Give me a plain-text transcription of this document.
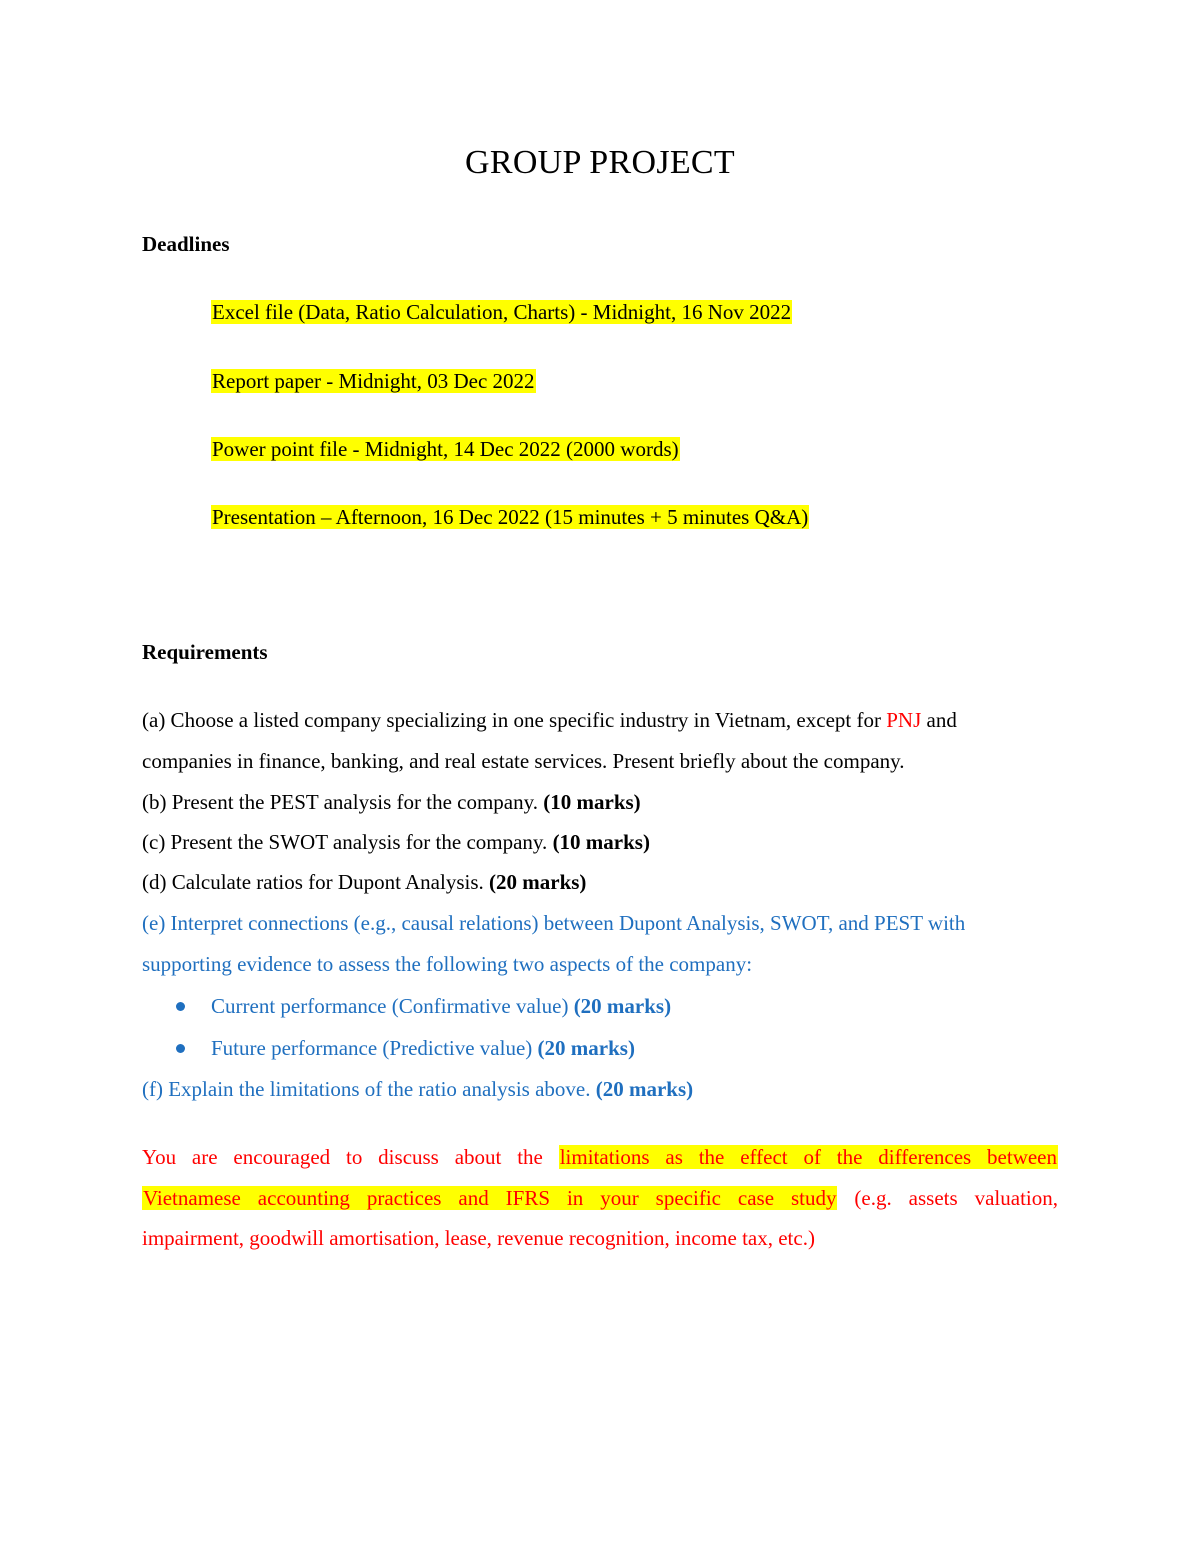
GROUP PROJECT
Deadlines
Excel file (Data, Ratio Calculation, Charts) - Midnight, 16 Nov 2022
Report paper - Midnight, 03 Dec 2022
Power point file - Midnight, 14 Dec 2022 (2000 words)
Presentation – Afternoon, 16 Dec 2022 (15 minutes + 5 minutes Q&A)
Requirements
(a) Choose a listed company specializing in one specific industry in Vietnam, except for PNJ and
companies in finance, banking, and real estate services. Present briefly about the company.
(b) Present the PEST analysis for the company. (10 marks)
(c) Present the SWOT analysis for the company. (10 marks)
(d) Calculate ratios for Dupont Analysis. (20 marks)
(e) Interpret connections (e.g., causal relations) between Dupont Analysis, SWOT, and PEST with
supporting evidence to assess the following two aspects of the company:
Current performance (Confirmative value) (20 marks)
Future performance (Predictive value) (20 marks)
(f) Explain the limitations of the ratio analysis above. (20 marks)
You are encouraged to discuss about the limitations as the effect of the differences between
Vietnamese accounting practices and IFRS in your specific case study (e.g. assets valuation,
impairment, goodwill amortisation, lease, revenue recognition, income tax, etc.)
